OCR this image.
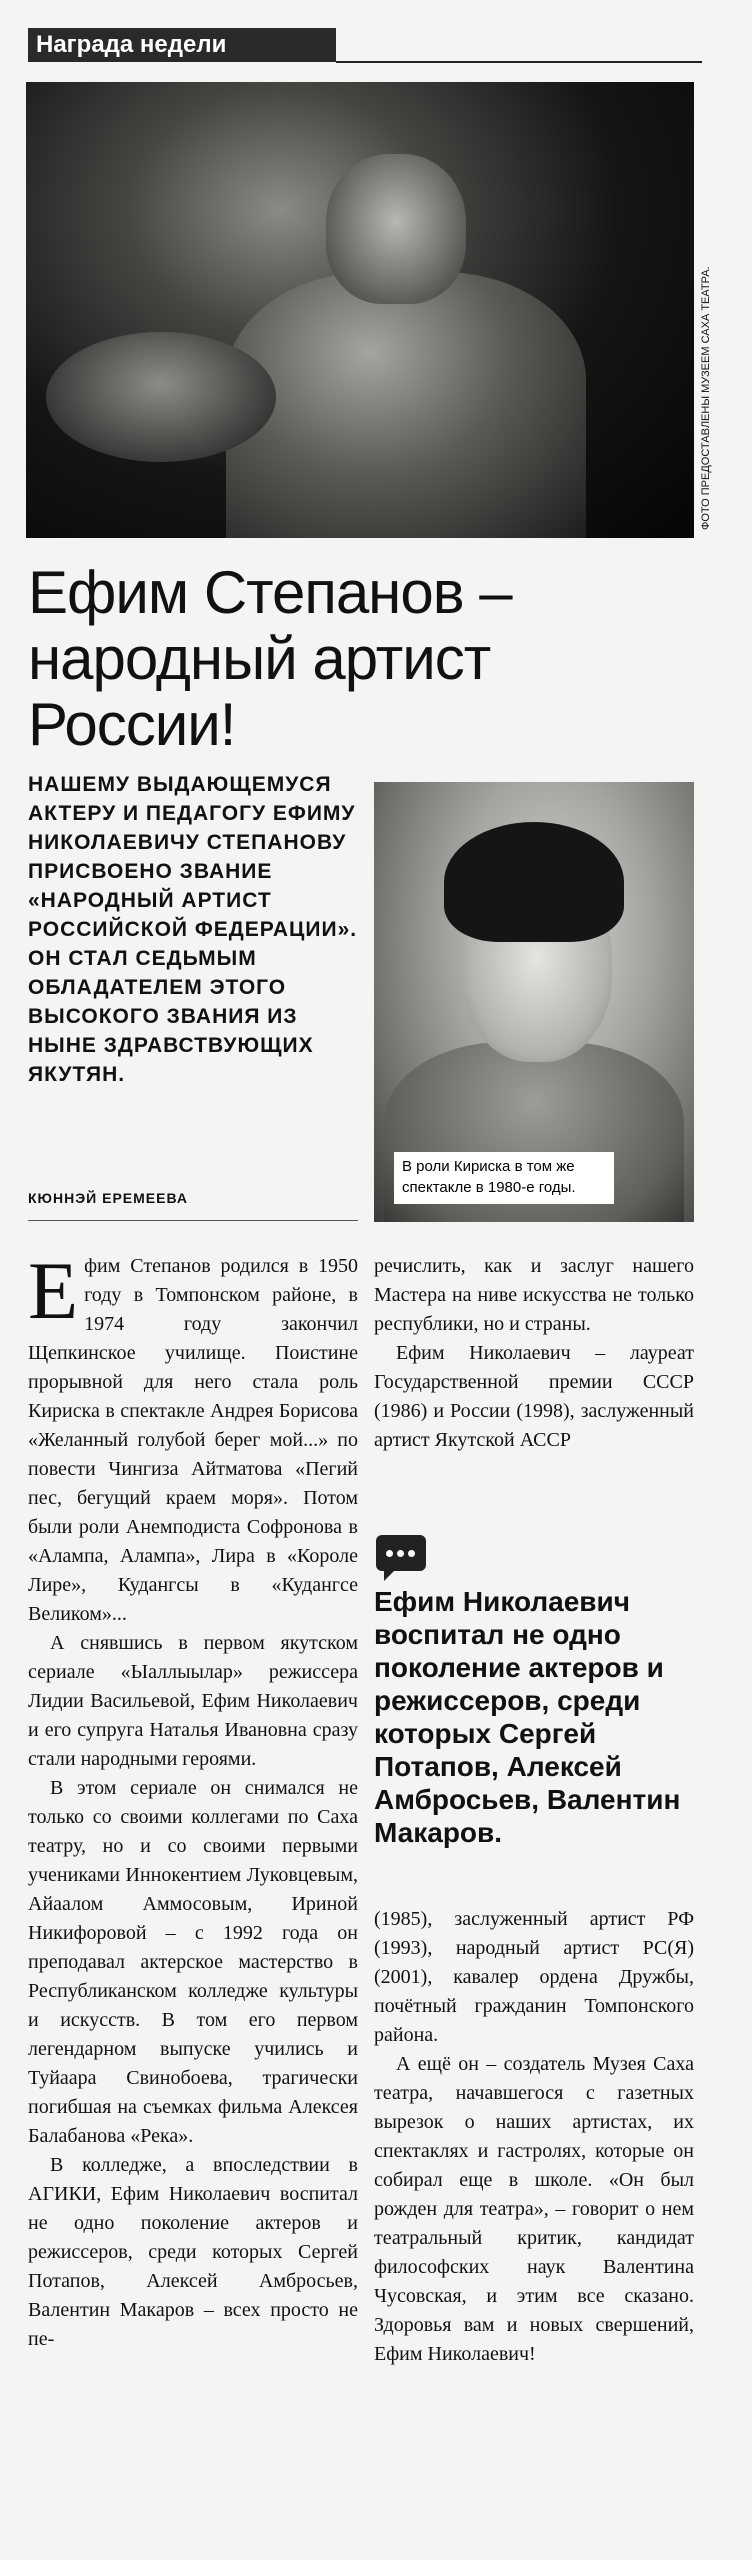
Награда недели
ФОТО ПРЕДОСТАВЛЕНЫ МУЗЕЕМ САХА ТЕАТРА.
Ефим Степанов – народный артист России!

НАШЕМУ ВЫДАЮЩЕМУСЯ АКТЕРУ И ПЕДАГОГУ ЕФИМУ НИКОЛАЕВИЧУ СТЕПАНОВУ ПРИСВОЕНО ЗВАНИЕ «НАРОДНЫЙ АРТИСТ РОССИЙСКОЙ ФЕДЕРАЦИИ». ОН СТАЛ СЕДЬМЫМ ОБЛАДАТЕЛЕМ ЭТОГО ВЫСОКОГО ЗВАНИЯ ИЗ НЫНЕ ЗДРАВСТВУЮЩИХ ЯКУТЯН.

КЮННЭЙ ЕРЕМЕЕВА
В роли Кириска в том же спектакле в 1980-е годы.

Ефим Степанов родился в 1950 году в Томпонском районе, в 1974 году закончил Щепкинское училище. Поистине прорывной для него стала роль Кириска в спектакле Андрея Борисова «Желанный голубой берег мой...» по повести Чингиза Айтматова «Пегий пес, бегущий краем моря». Потом были роли Анемподиста Софронова в «Алампа, Алампа», Лира в «Короле Лире», Кудангсы в «Кудангсе Великом»...

А снявшись в первом якутском сериале «Ыаллыылар» режиссера Лидии Васильевой, Ефим Николаевич и его супруга Наталья Ивановна сразу стали народными героями.

В этом сериале он снимался не только со своими коллегами по Саха театру, но и со своими первыми учениками Иннокентием Луковцевым, Айаалом Аммосовым, Ириной Никифоровой – с 1992 года он преподавал актерское мастерство в Республиканском колледже культуры и искусств. В том его первом легендарном выпуске учились и Туйаара Свинобоева, трагически погибшая на съемках фильма Алексея Балабанова «Река».

В колледже, а впоследствии в АГИКИ, Ефим Николаевич воспитал не одно поколение актеров и режиссеров, среди которых Сергей Потапов, Алексей Амбросьев, Валентин Макаров – всех просто не пе-

речислить, как и заслуг нашего Мастера на ниве искусства не только республики, но и страны.

Ефим Николаевич – лауреат Государственной премии СССР (1986) и России (1998), заслуженный артист Якутской АССР

Ефим Николаевич воспитал не одно поколение актеров и режиссеров, среди которых Сергей Потапов, Алексей Амбросьев, Валентин Макаров.

(1985), заслуженный артист РФ (1993), народный артист РС(Я) (2001), кавалер ордена Дружбы, почётный гражданин Томпонского района.

А ещё он – создатель Музея Саха театра, начавшегося с газетных вырезок о наших артистах, их спектаклях и гастролях, которые он собирал еще в школе. «Он был рожден для театра», – говорит о нем театральный критик, кандидат философских наук Валентина Чусовская, и этим все сказано. Здоровья вам и новых свершений, Ефим Николаевич!
